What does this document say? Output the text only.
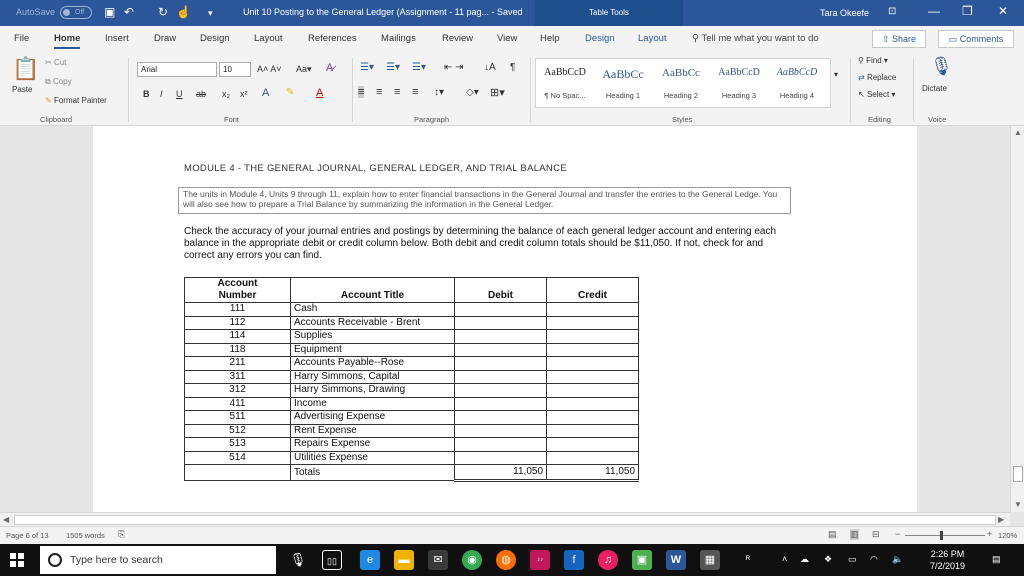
AutoSave	Off	▣ ↶ ↻ ☝ ▾	Unit 10 Posting to the General Ledger (Assignment - 11 pag... - Saved	Table Tools	Tara Okeefe ⊡	— ❐ ✕
File	Home	Insert	Draw	Design	Layout	References	Mailings	Review	View Help	Design Layout	⚲ Tell me what you want to do	⇧ Share	▭ Comments
📋
Paste
✂ Cut
⧉ Copy
✎ Format Painter
Clipboard
Arial	10	A˄ A˅ Aa▾ A̷
B I U ab x₂ x² A ✎ A
Font
☰▾ ☰▾ ☰▾ ⇤ ⇥ ↓A ¶
≡ ≡ ≡ ≡ ↕▾ ◇▾ ⊞▾
Paragraph
AaBbCcD
¶ No Spac...
AaBbCc
Heading 1
AaBbCc
Heading 2
AaBbCcD
Heading 3
AaBbCcD
Heading 4
▾
Styles
⚲ Find ▾
⇄ Replace
↖ Select ▾
Editing
🎙
Dictate
Voice
MODULE 4 - THE GENERAL JOURNAL, GENERAL LEDGER, AND TRIAL BALANCE
The units in Module 4, Units 9 through 11, explain how to enter financial transactions in the General Journal and transfer the entries to the General Ledge. You will also see how to prepare a Trial Balance by summarizing the information in the General Ledger.
Check the accuracy of your journal entries and postings by determining the balance of each general ledger account and entering each balance in the appropriate debit or credit column below. Both debit and credit column totals should be $11,050. If not, check for and correct any errors you can find.
Account
Number	Account Title	Debit	Credit
111	Cash		
112	Accounts Receivable - Brent		
114	Supplies		
118	Equipment		
211	Accounts Payable--Rose		
311	Harry Simmons, Capital		
312	Harry Simmons, Drawing		
411	Income		
511	Advertising Expense		
512	Rent Expense		
513	Repairs Expense		
514	Utilities Expense		
	Totals	11,050	11,050
▲
▼
◀	▶
Page 6 of 13 1505 words ⎘	▤ ▥ ⊟ −	+ 120%
Type here to search	🎙	▯▯	e	▬	✉	◉	◍	♪♪	f	♫	▣	W	▦	ᴿ	˄ ☁ ❖ ▭ ◠ 🔈	2:26 PM
7/2/2019
▤
